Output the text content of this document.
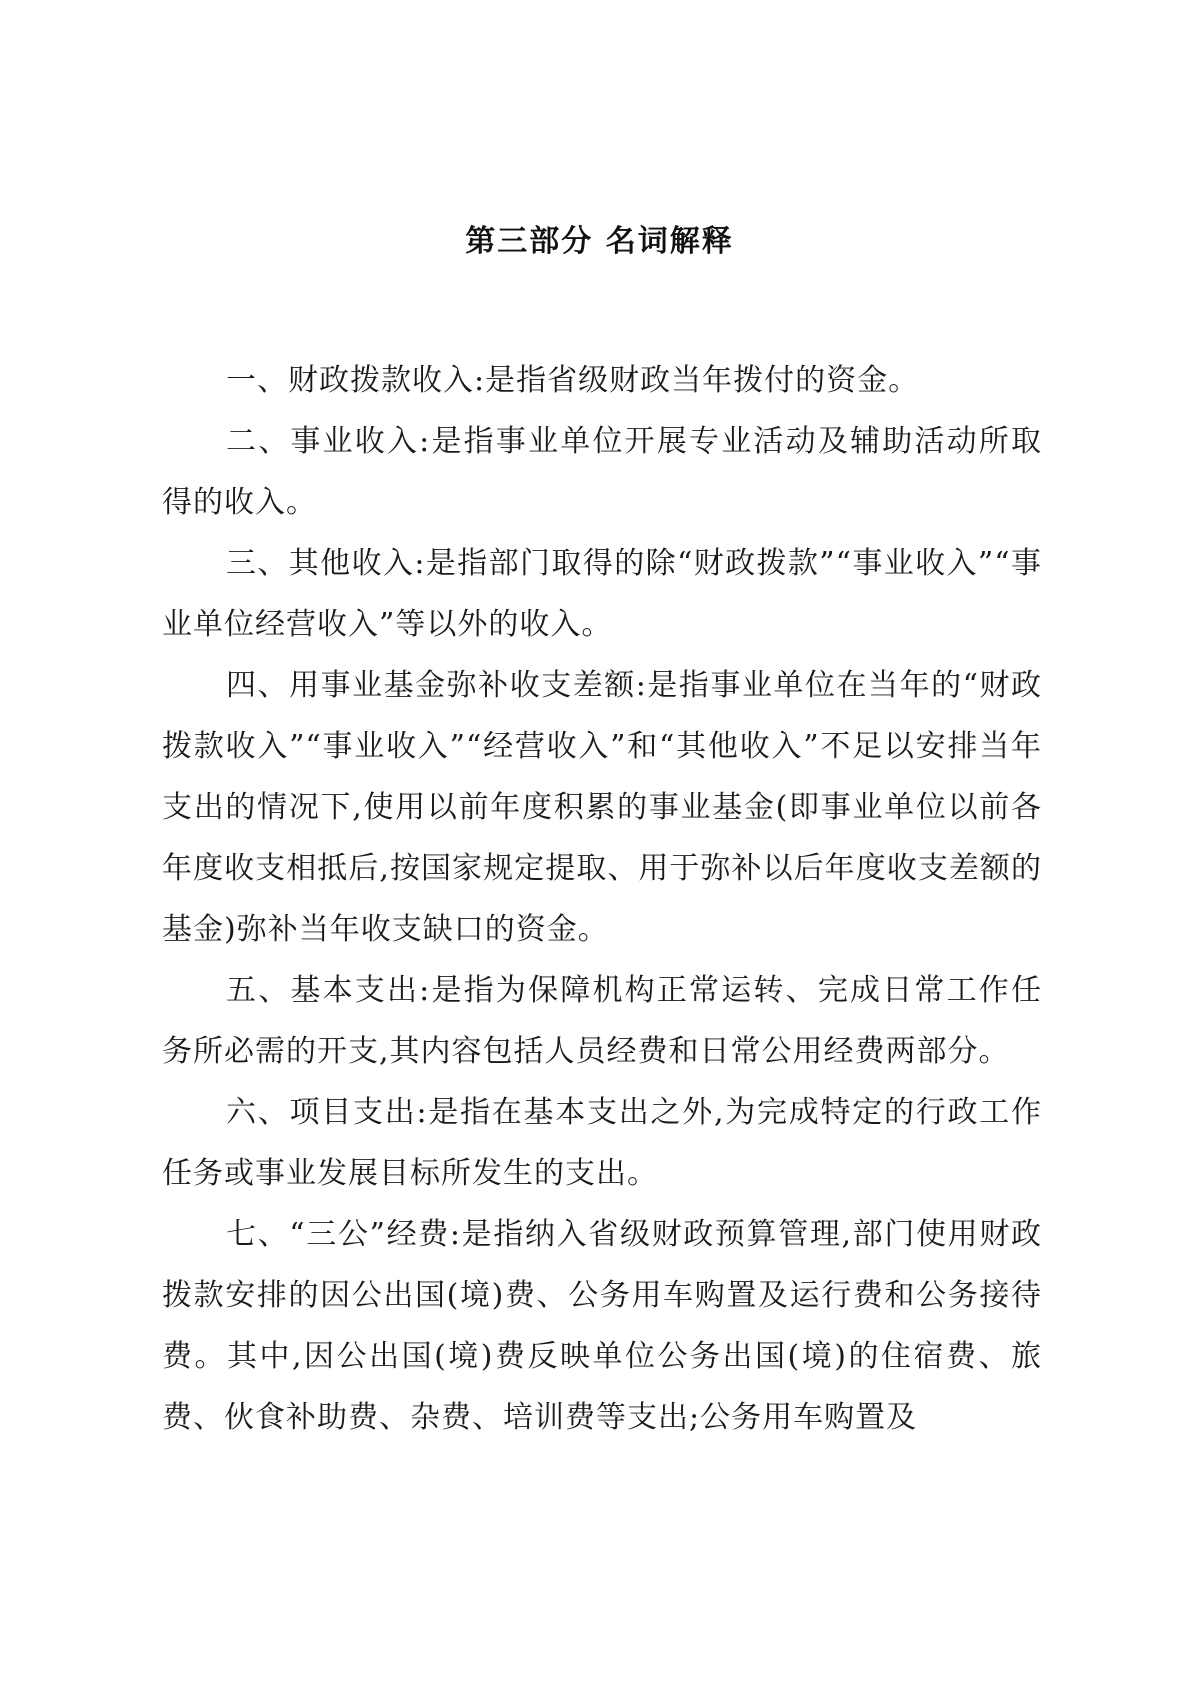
第三部分 名词解释

一、财政拨款收入:是指省级财政当年拨付的资金。

二、事业收入:是指事业单位开展专业活动及辅助活动所取得的收入。

三、其他收入:是指部门取得的除“财政拨款”“事业收入”“事业单位经营收入”等以外的收入。

四、用事业基金弥补收支差额:是指事业单位在当年的“财政拨款收入”“事业收入”“经营收入”和“其他收入”不足以安排当年支出的情况下,使用以前年度积累的事业基金(即事业单位以前各年度收支相抵后,按国家规定提取、用于弥补以后年度收支差额的基金)弥补当年收支缺口的资金。

五、基本支出:是指为保障机构正常运转、完成日常工作任务所必需的开支,其内容包括人员经费和日常公用经费两部分。

六、项目支出:是指在基本支出之外,为完成特定的行政工作任务或事业发展目标所发生的支出。

七、“三公”经费:是指纳入省级财政预算管理,部门使用财政拨款安排的因公出国(境)费、公务用车购置及运行费和公务接待费。其中,因公出国(境)费反映单位公务出国(境)的住宿费、旅费、伙食补助费、杂费、培训费等支出;公务用车购置及
